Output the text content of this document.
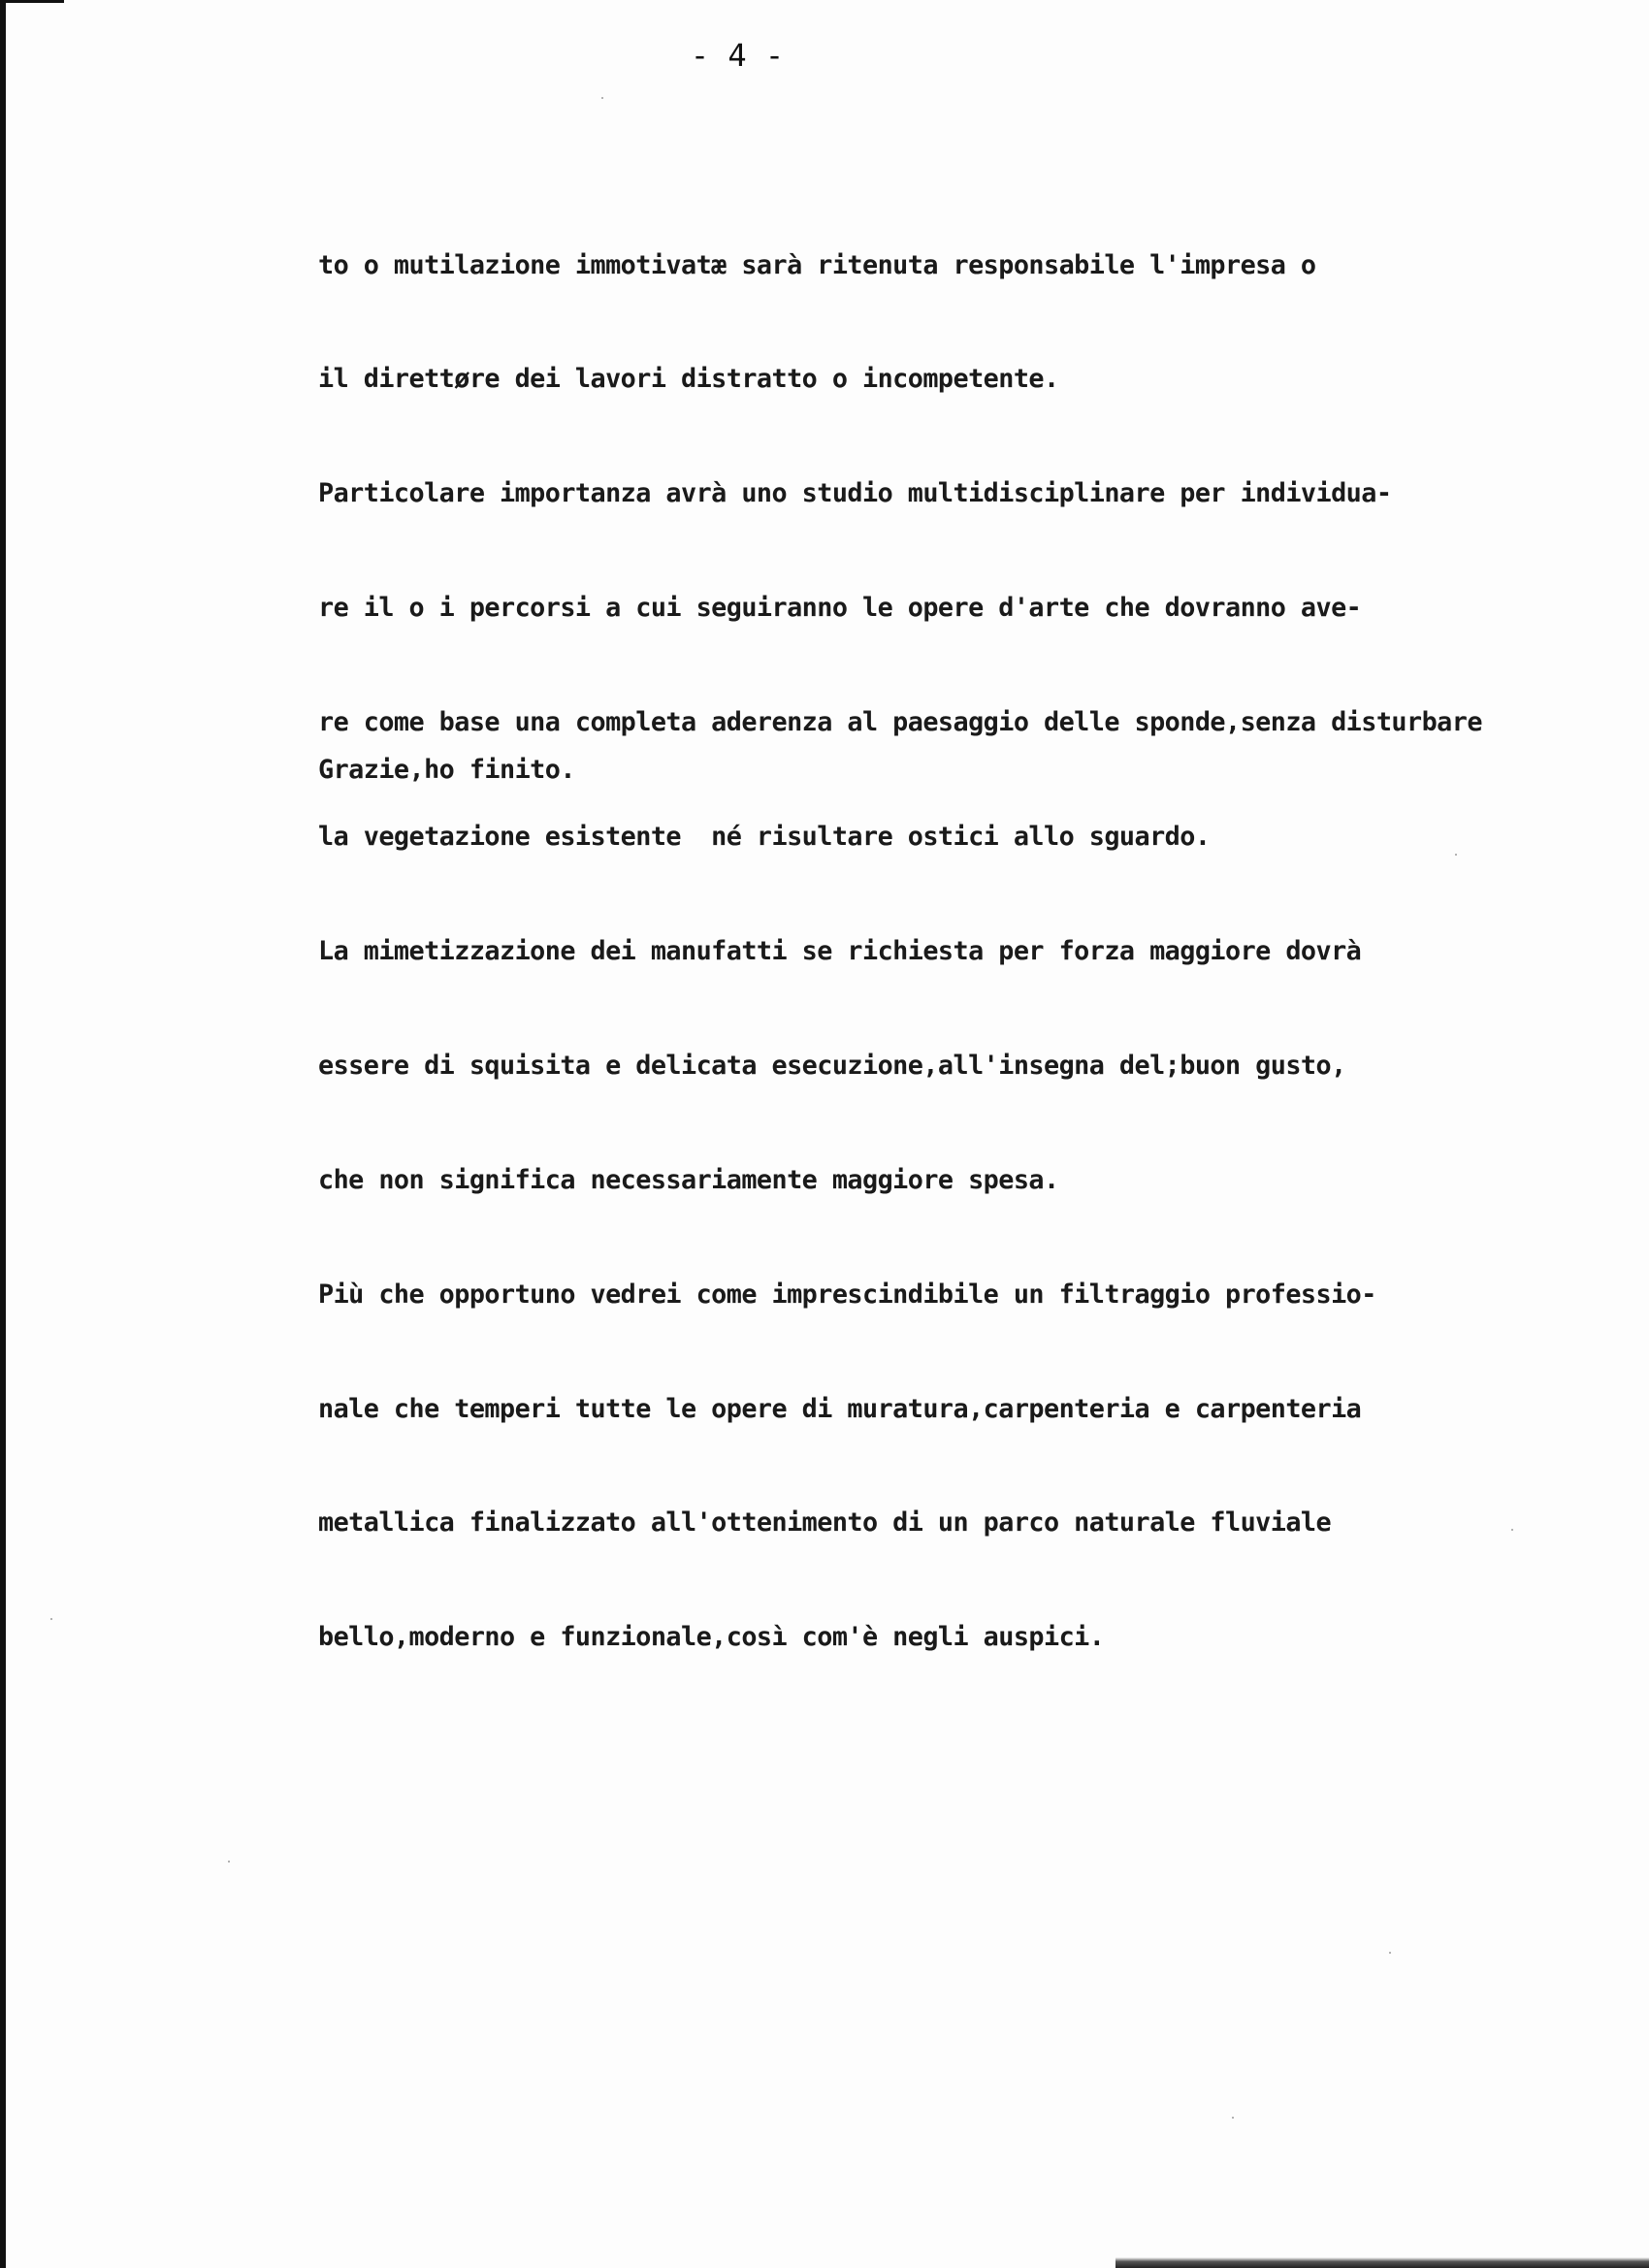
- 4 -

to o mutilazione immotivatæ sarà ritenuta responsabile l'impresa o

il direttøre dei lavori distratto o incompetente.

Particolare importanza avrà uno studio multidisciplinare per individua-

re il o i percorsi a cui seguiranno le opere d'arte che dovranno ave-

re come base una completa aderenza al paesaggio delle sponde,senza disturbare

la vegetazione esistente  né risultare ostici allo sguardo.

La mimetizzazione dei manufatti se richiesta per forza maggiore dovrà

essere di squisita e delicata esecuzione,all'insegna del;buon gusto,

che non significa necessariamente maggiore spesa.

Più che opportuno vedrei come imprescindibile un filtraggio professio-

nale che temperi tutte le opere di muratura,carpenteria e carpenteria

metallica finalizzato all'ottenimento di un parco naturale fluviale

bello,moderno e funzionale,così com'è negli auspici.

Grazie,ho finito.
